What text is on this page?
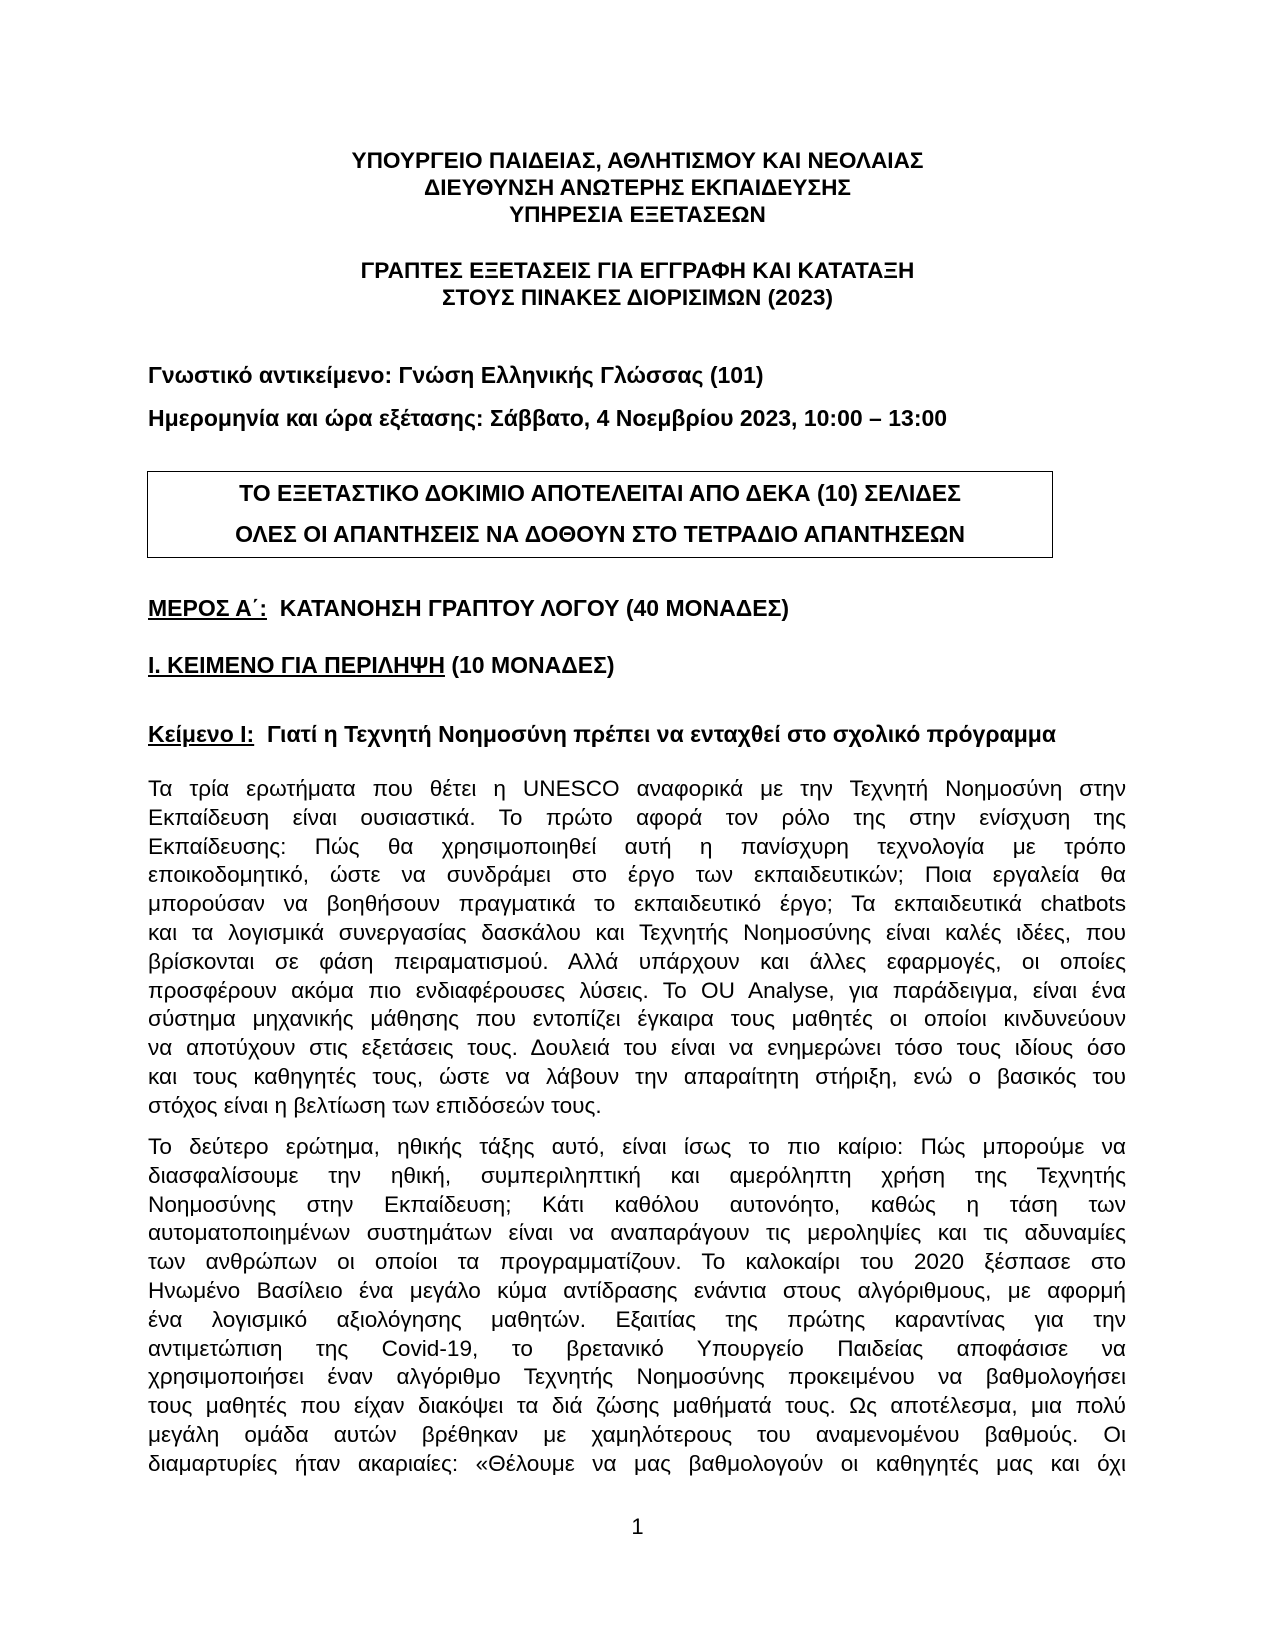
ΥΠΟΥΡΓΕΙΟ ΠΑΙΔΕΙΑΣ, ΑΘΛΗΤΙΣΜΟΥ ΚΑΙ ΝΕΟΛΑΙΑΣ
ΔΙΕΥΘΥΝΣΗ ΑΝΩΤΕΡΗΣ ΕΚΠΑΙΔΕΥΣΗΣ
ΥΠΗΡΕΣΙΑ ΕΞΕΤΑΣΕΩΝ
ΓΡΑΠΤΕΣ ΕΞΕΤΑΣΕΙΣ ΓΙΑ ΕΓΓΡΑΦΗ ΚΑΙ ΚΑΤΑΤΑΞΗ
ΣΤΟΥΣ ΠΙΝΑΚΕΣ ΔΙΟΡΙΣΙΜΩΝ (2023)
Γνωστικό αντικείμενο: Γνώση Ελληνικής Γλώσσας (101)
Ημερομηνία και ώρα εξέτασης: Σάββατο, 4 Νοεμβρίου 2023, 10:00 – 13:00
ΤΟ ΕΞΕΤΑΣΤΙΚΟ ΔΟΚΙΜΙΟ ΑΠΟΤΕΛΕΙΤΑΙ ΑΠΟ ΔΕΚΑ (10) ΣΕΛΙΔΕΣ
ΟΛΕΣ ΟΙ ΑΠΑΝΤΗΣΕΙΣ ΝΑ ΔΟΘΟΥΝ ΣΤΟ ΤΕΤΡΑΔΙΟ ΑΠΑΝΤΗΣΕΩΝ
ΜΕΡΟΣ Α΄:  ΚΑΤΑΝΟΗΣΗ ΓΡΑΠΤΟΥ ΛΟΓΟΥ (40 ΜΟΝΑΔΕΣ)
Ι. ΚΕΙΜΕΝΟ ΓΙΑ ΠΕΡΙΛΗΨΗ (10 ΜΟΝΑΔΕΣ)
Κείμενο Ι:  Γιατί η Τεχνητή Νοημοσύνη πρέπει να ενταχθεί στο σχολικό πρόγραμμα
Τα τρία ερωτήματα που θέτει η UNESCO αναφορικά με την Τεχνητή Νοημοσύνη στην
Εκπαίδευση είναι ουσιαστικά. Το πρώτο αφορά τον ρόλο της στην ενίσχυση της
Εκπαίδευσης: Πώς θα χρησιμοποιηθεί αυτή η πανίσχυρη τεχνολογία με τρόπο
εποικοδομητικό, ώστε να συνδράμει στο έργο των εκπαιδευτικών; Ποια εργαλεία θα
μπορούσαν να βοηθήσουν πραγματικά το εκπαιδευτικό έργο; Τα εκπαιδευτικά chatbots
και τα λογισμικά συνεργασίας δασκάλου και Τεχνητής Νοημοσύνης είναι καλές ιδέες, που
βρίσκονται σε φάση πειραματισμού. Αλλά υπάρχουν και άλλες εφαρμογές, οι οποίες
προσφέρουν ακόμα πιο ενδιαφέρουσες λύσεις. Το OU Analyse, για παράδειγμα, είναι ένα
σύστημα μηχανικής μάθησης που εντοπίζει έγκαιρα τους μαθητές οι οποίοι κινδυνεύουν
να αποτύχουν στις εξετάσεις τους. Δουλειά του είναι να ενημερώνει τόσο τους ιδίους όσο
και τους καθηγητές τους, ώστε να λάβουν την απαραίτητη στήριξη, ενώ ο βασικός του
στόχος είναι η βελτίωση των επιδόσεών τους.
Το δεύτερο ερώτημα, ηθικής τάξης αυτό, είναι ίσως το πιο καίριο: Πώς μπορούμε να
διασφαλίσουμε την ηθική, συμπεριληπτική και αμερόληπτη χρήση της Τεχνητής
Νοημοσύνης στην Εκπαίδευση; Κάτι καθόλου αυτονόητο, καθώς η τάση των
αυτοματοποιημένων συστημάτων είναι να αναπαράγουν τις μεροληψίες και τις αδυναμίες
των ανθρώπων οι οποίοι τα προγραμματίζουν. Το καλοκαίρι του 2020 ξέσπασε στο
Ηνωμένο Βασίλειο ένα μεγάλο κύμα αντίδρασης ενάντια στους αλγόριθμους, με αφορμή
ένα λογισμικό αξιολόγησης μαθητών. Εξαιτίας της πρώτης καραντίνας για την
αντιμετώπιση της Covid-19, το βρετανικό Υπουργείο Παιδείας αποφάσισε να
χρησιμοποιήσει έναν αλγόριθμο Τεχνητής Νοημοσύνης προκειμένου να βαθμολογήσει
τους μαθητές που είχαν διακόψει τα διά ζώσης μαθήματά τους. Ως αποτέλεσμα, μια πολύ
μεγάλη ομάδα αυτών βρέθηκαν με χαμηλότερους του αναμενομένου βαθμούς. Οι
διαμαρτυρίες ήταν ακαριαίες: «Θέλουμε να μας βαθμολογούν οι καθηγητές μας και όχι
1
